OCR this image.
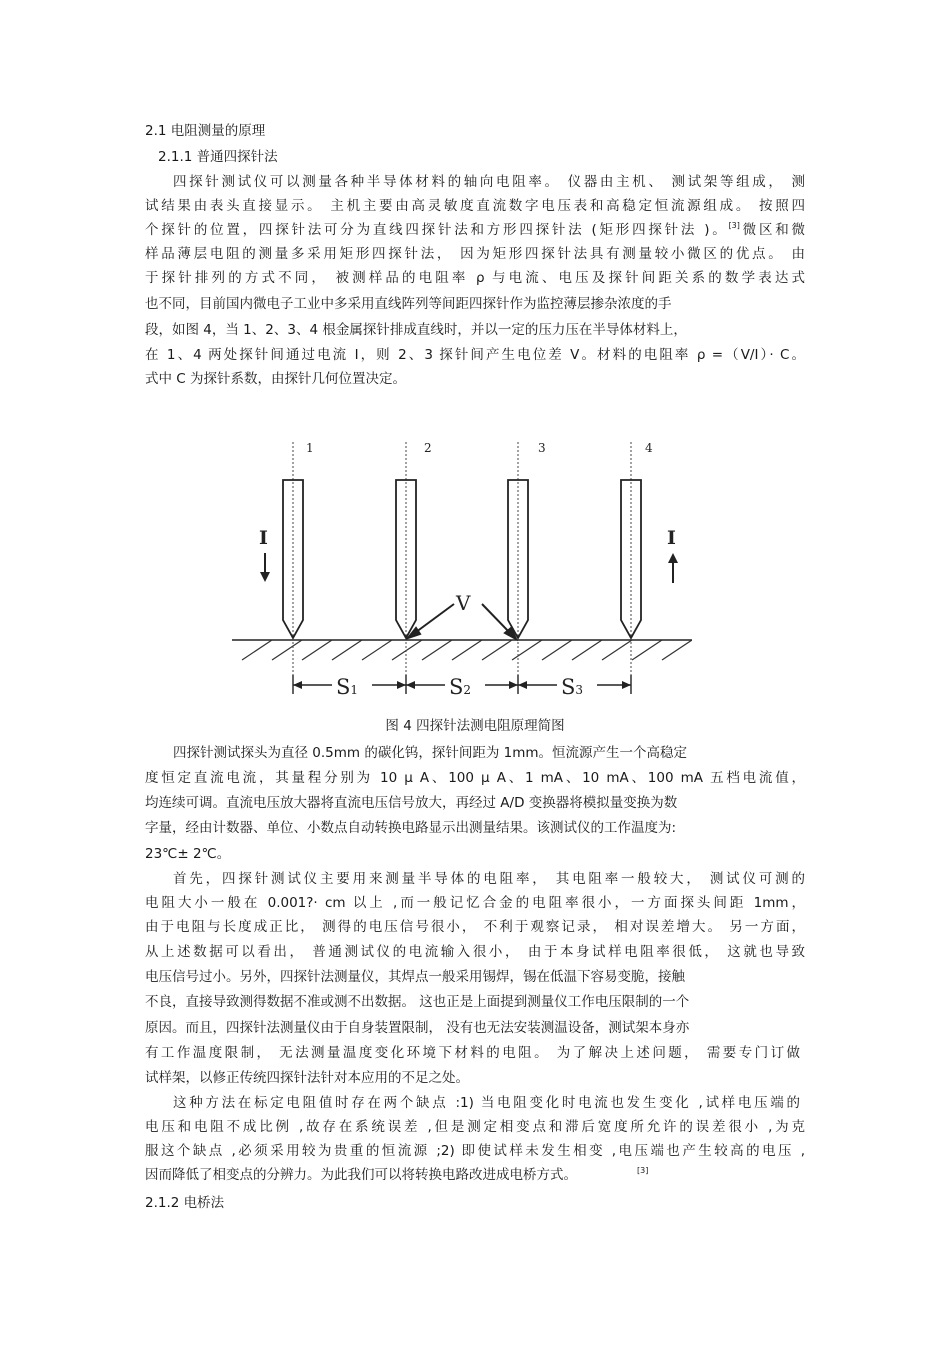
2.1 电阻测量的原理
2.1.1 普通四探针法
四探针测试仪可以测量各种半导体材料的轴向电阻率。 仪器由主机、 测试架等组成， 测
试结果由表头直接显示。 主机主要由高灵敏度直流数字电压表和高稳定恒流源组成。 按照四
个探针的位置，四探针法可分为直线四探针法和方形四探针法 (矩形四探针法 )。[3]微区和微
样品薄层电阻的测量多采用矩形四探针法， 因为矩形四探针法具有测量较小微区的优点。 由
于探针排列的方式不同， 被测样品的电阻率 ρ 与电流、电压及探针间距关系的数学表达式
也不同，目前国内微电子工业中多采用直线阵列等间距四探针作为监控薄层掺杂浓度的手
段，如图 4，当 1、2、3、4 根金属探针排成直线时，并以一定的压力压在半导体材料上，
在 1、4 两处探针间通过电流 I，则 2、3 探针间产生电位差 V。材料的电阻率 ρ =（V/I）· C。
式中 C 为探针系数，由探针几何位置决定。
1	2	3	4
I	I
V
S1	S2	S3
图 4 四探针法测电阻原理简图
四探针测试探头为直径 0.5mm 的碳化钨，探针间距为 1mm。恒流源产生一个高稳定
度恒定直流电流，其量程分别为 10 μ A、100 μ A、1 mA、10 mA、100 mA 五档电流值，
均连续可调。直流电压放大器将直流电压信号放大，再经过 A/D 变换器将模拟量变换为数
字量，经由计数器、单位、小数点自动转换电路显示出测量结果。该测试仪的工作温度为:
23℃± 2℃。
首先，四探针测试仪主要用来测量半导体的电阻率， 其电阻率一般较大， 测试仪可测的
电阻大小一般在 0.001?· cm 以上 ,而一般记忆合金的电阻率很小，一方面探头间距 1mm，
由于电阻与长度成正比， 测得的电压信号很小， 不利于观察记录， 相对误差增大。 另一方面，
从上述数据可以看出， 普通测试仪的电流输入很小， 由于本身试样电阻率很低， 这就也导致
电压信号过小。另外，四探针法测量仪，其焊点一般采用锡焊，锡在低温下容易变脆，接触
不良，直接导致测得数据不准或测不出数据。 这也正是上面提到测量仪工作电压限制的一个
原因。而且，四探针法测量仪由于自身装置限制， 没有也无法安装测温设备，测试架本身亦
有工作温度限制， 无法测量温度变化环境下材料的电阻。 为了解决上述问题， 需要专门订做
试样架，以修正传统四探针法针对本应用的不足之处。
这种方法在标定电阻值时存在两个缺点 :1) 当电阻变化时电流也发生变化 ,试样电压端的
电压和电阻不成比例 ,故存在系统误差 ,但是测定相变点和滞后宽度所允许的误差很小 ,为克
服这个缺点 ,必须采用较为贵重的恒流源 ;2) 即使试样未发生相变 ,电压端也产生较高的电压 ,
因而降低了相变点的分辨力。为此我们可以将转换电路改进成电桥方式。	[3]
2.1.2 电桥法
